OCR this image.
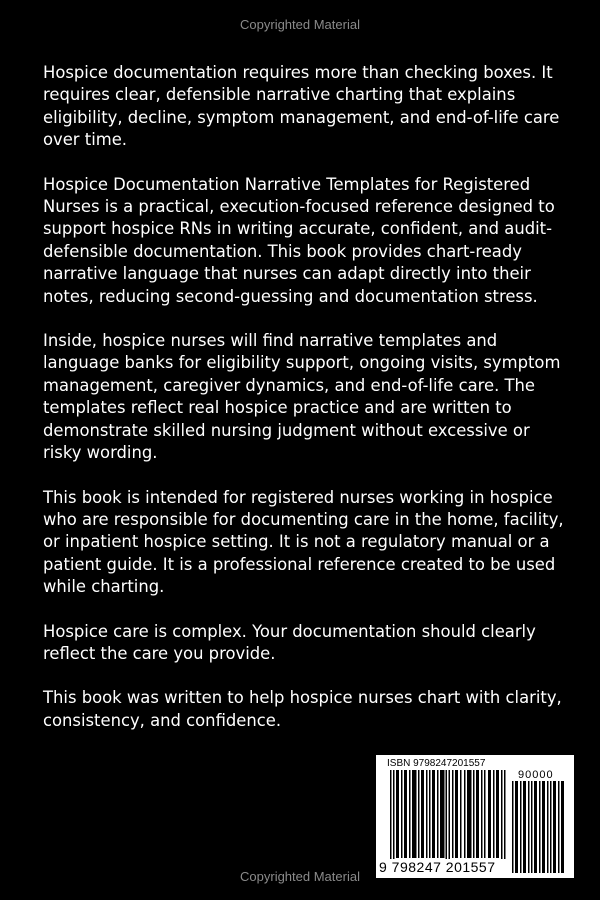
Copyrighted Material

Hospice documentation requires more than checking boxes. It requires clear, defensible narrative charting that explains eligibility, decline, symptom management, and end-of-life care over time.

Hospice Documentation Narrative Templates for Registered Nurses is a practical, execution-focused reference designed to support hospice RNs in writing accurate, confident, and audit-defensible documentation. This book provides chart-ready narrative language that nurses can adapt directly into their notes, reducing second-guessing and documentation stress.

Inside, hospice nurses will find narrative templates and language banks for eligibility support, ongoing visits, symptom management, caregiver dynamics, and end-of-life care. The templates reflect real hospice practice and are written to demonstrate skilled nursing judgment without excessive or risky wording.

This book is intended for registered nurses working in hospice who are responsible for documenting care in the home, facility, or inpatient hospice setting. It is not a regulatory manual or a patient guide. It is a professional reference created to be used while charting.

Hospice care is complex. Your documentation should clearly reflect the care you provide.

This book was written to help hospice nurses chart with clarity, consistency, and confidence.

ISBN 9798247201557
90000
9 798247 201557
Copyrighted Material
